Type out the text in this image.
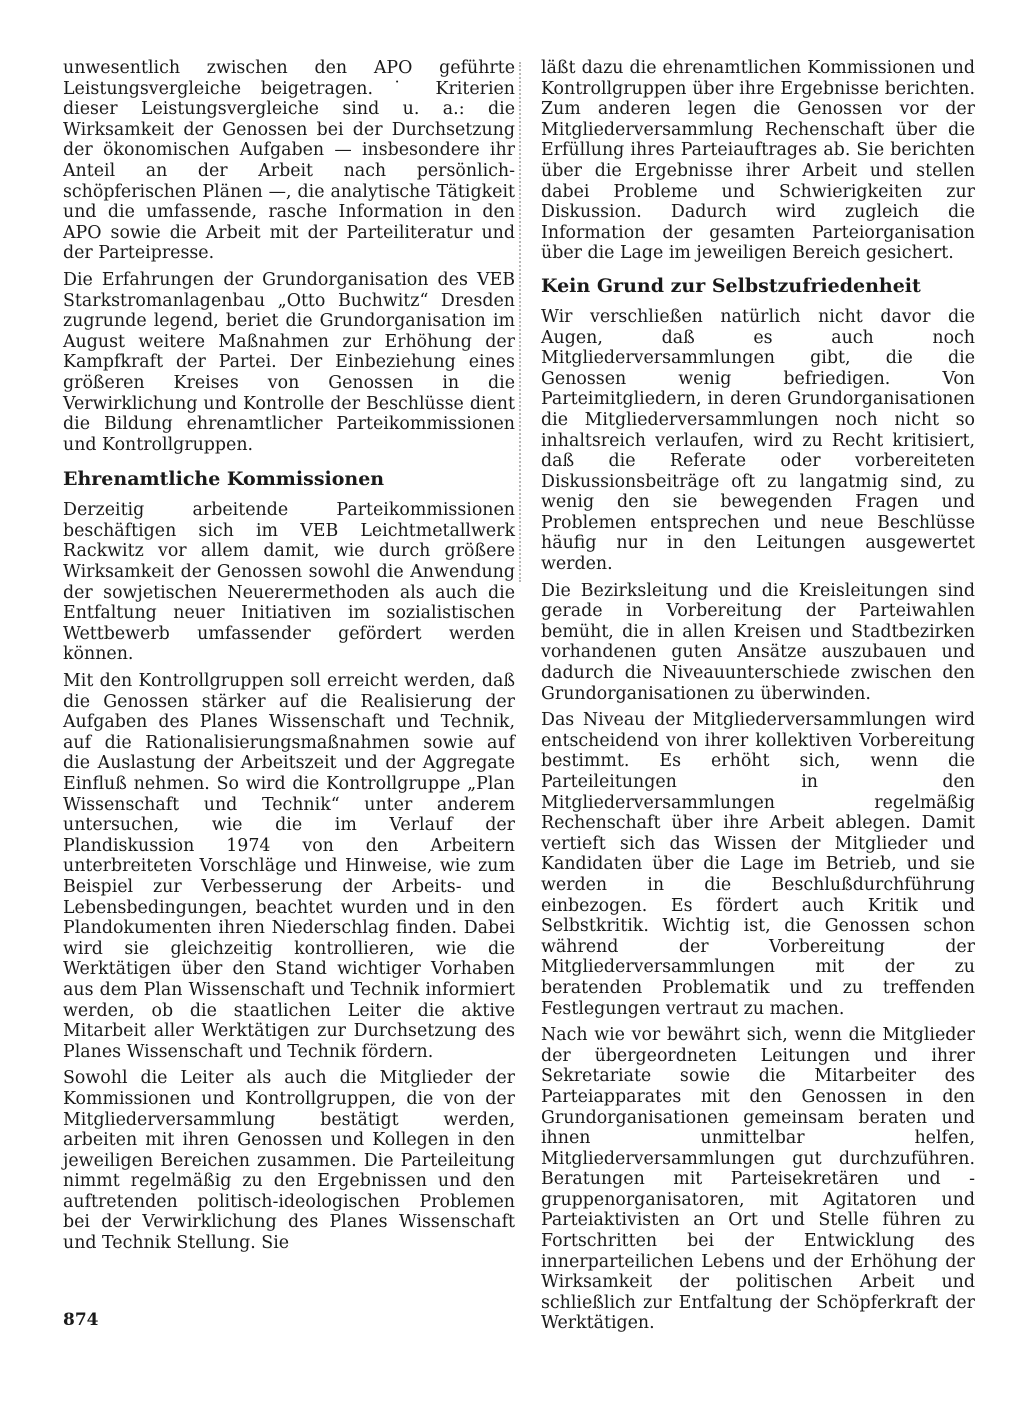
unwesentlich zwischen den APO geführte Leistungsvergleiche beigetragen. ˙ Kriterien dieser Leistungsvergleiche sind u. a.: die Wirksamkeit der Genossen bei der Durchsetzung der ökonomischen Aufgaben — insbesondere ihr Anteil an der Arbeit nach persönlich-schöpferischen Plänen —, die analytische Tätigkeit und die umfassende, rasche Information in den APO sowie die Arbeit mit der Parteiliteratur und der Parteipresse.

Die Erfahrungen der Grundorganisation des VEB Starkstromanlagenbau „Otto Buchwitz“ Dresden zugrunde legend, beriet die Grundorganisation im August weitere Maßnahmen zur Erhöhung der Kampfkraft der Partei. Der Einbeziehung eines größeren Kreises von Genossen in die Verwirklichung und Kontrolle der Beschlüsse dient die Bildung ehrenamtlicher Parteikommissionen und Kontrollgruppen.

Ehrenamtliche Kommissionen

Derzeitig arbeitende Parteikommissionen beschäftigen sich im VEB Leichtmetallwerk Rackwitz vor allem damit, wie durch größere Wirksamkeit der Genossen sowohl die Anwendung der sowjetischen Neuerermethoden als auch die Entfaltung neuer Initiativen im sozialistischen Wettbewerb umfassender gefördert werden können.

Mit den Kontrollgruppen soll erreicht werden, daß die Genossen stärker auf die Realisierung der Aufgaben des Planes Wissenschaft und Technik, auf die Rationalisierungsmaßnahmen sowie auf die Auslastung der Arbeitszeit und der Aggregate Einfluß nehmen. So wird die Kontrollgruppe „Plan Wissenschaft und Technik“ unter anderem untersuchen, wie die im Verlauf der Plandiskussion 1974 von den Arbeitern unterbreiteten Vorschläge und Hinweise, wie zum Beispiel zur Verbesserung der Arbeits- und Lebensbedingungen, beachtet wurden und in den Plandokumenten ihren Niederschlag finden. Dabei wird sie gleichzeitig kontrollieren, wie die Werktätigen über den Stand wichtiger Vorhaben aus dem Plan Wissenschaft und Technik informiert werden, ob die staatlichen Leiter die aktive Mitarbeit aller Werktätigen zur Durchsetzung des Planes Wissenschaft und Technik fördern.

Sowohl die Leiter als auch die Mitglieder der Kommissionen und Kontrollgruppen, die von der Mitgliederversammlung bestätigt werden, arbeiten mit ihren Genossen und Kollegen in den jeweiligen Bereichen zusammen. Die Parteileitung nimmt regelmäßig zu den Ergebnissen und den auftretenden politisch-ideologischen Problemen bei der Verwirklichung des Planes Wissenschaft und Technik Stellung. Sie

läßt dazu die ehrenamtlichen Kommissionen und Kontrollgruppen über ihre Ergebnisse berichten. Zum anderen legen die Genossen vor der Mitgliederversammlung Rechenschaft über die Erfüllung ihres Parteiauftrages ab. Sie berichten über die Ergebnisse ihrer Arbeit und stellen dabei Probleme und Schwierigkeiten zur Diskussion. Dadurch wird zugleich die Information der gesamten Parteiorganisation über die Lage im jeweiligen Bereich gesichert.

Kein Grund zur Selbstzufriedenheit

Wir verschließen natürlich nicht davor die Augen, daß es auch noch Mitgliederversammlungen gibt, die die Genossen wenig befriedigen. Von Parteimitgliedern, in deren Grundorganisationen die Mitgliederversammlungen noch nicht so inhaltsreich verlaufen, wird zu Recht kritisiert, daß die Referate oder vorbereiteten Diskussionsbeiträge oft zu langatmig sind, zu wenig den sie bewegenden Fragen und Problemen entsprechen und neue Beschlüsse häufig nur in den Leitungen ausgewertet werden.

Die Bezirksleitung und die Kreisleitungen sind gerade in Vorbereitung der Parteiwahlen bemüht, die in allen Kreisen und Stadtbezirken vorhandenen guten Ansätze auszubauen und dadurch die Niveauunterschiede zwischen den Grundorganisationen zu überwinden.

Das Niveau der Mitgliederversammlungen wird entscheidend von ihrer kollektiven Vorbereitung bestimmt. Es erhöht sich, wenn die Parteileitungen in den Mitgliederversammlungen regelmäßig Rechenschaft über ihre Arbeit ablegen. Damit vertieft sich das Wissen der Mitglieder und Kandidaten über die Lage im Betrieb, und sie werden in die Beschlußdurchführung einbezogen. Es fördert auch Kritik und Selbstkritik. Wichtig ist, die Genossen schon während der Vorbereitung der Mitgliederversammlungen mit der zu beratenden Problematik und zu treffenden Festlegungen vertraut zu machen.

Nach wie vor bewährt sich, wenn die Mitglieder der übergeordneten Leitungen und ihrer Sekretariate sowie die Mitarbeiter des Parteiapparates mit den Genossen in den Grundorganisationen gemeinsam beraten und ihnen unmittelbar helfen, Mitgliederversammlungen gut durchzuführen. Beratungen mit Parteisekretären und -gruppenorganisatoren, mit Agitatoren und Parteiaktivisten an Ort und Stelle führen zu Fortschritten bei der Entwicklung des innerparteilichen Lebens und der Erhöhung der Wirksamkeit der politischen Arbeit und schließlich zur Entfaltung der Schöpferkraft der Werktätigen.

874
